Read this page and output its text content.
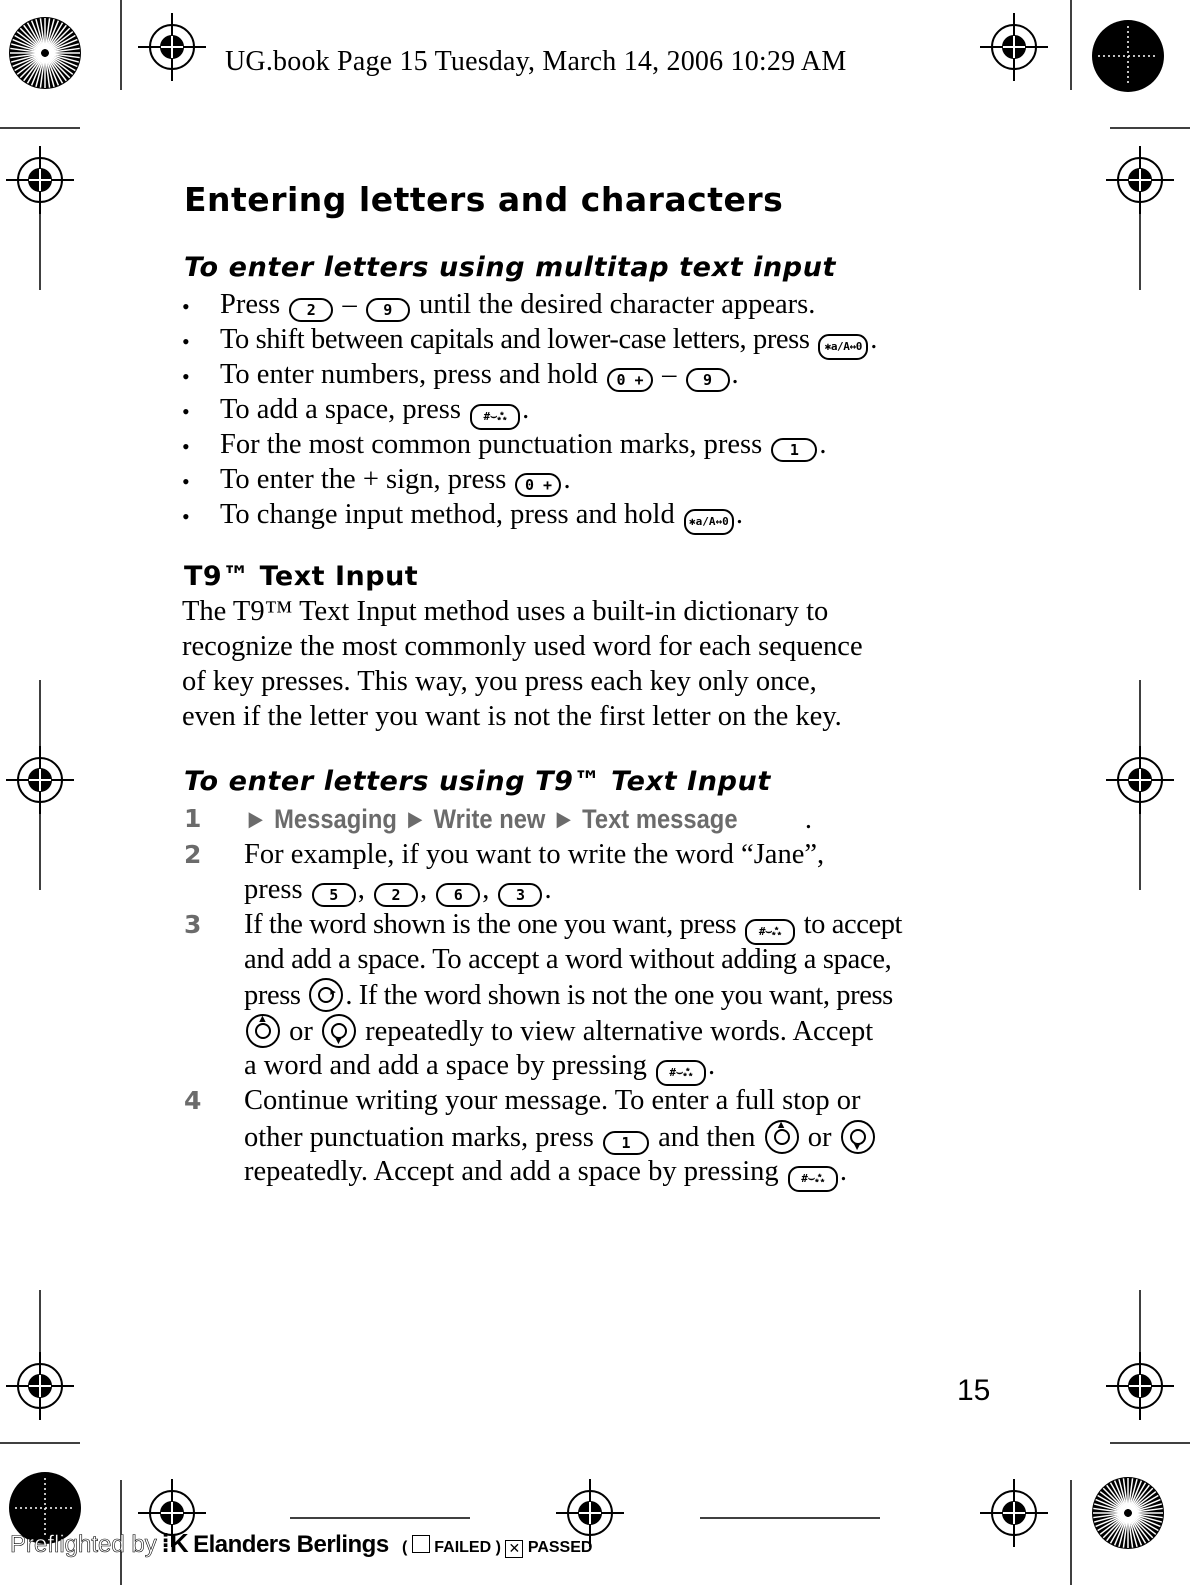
UG.book Page 15 Tuesday, March 14, 2006 10:29 AM
Entering letters and characters
To enter letters using multitap text input
• Press 2 – 9 until the desired character appears.
• To shift between capitals and lower-case letters, press ✱a/A↔0 .
• To enter numbers, press and hold 0 + – 9 .
• To add a space, press #⌣⁂ .
• For the most common punctuation marks, press 1 .
• To enter the + sign, press 0 + .
• To change input method, press and hold ✱a/A↔0 .
T9™ Text Input
The T9™ Text Input method uses a built-in dictionary to
recognize the most commonly used word for each sequence
of key presses. This way, you press each key only once,
even if the letter you want is not the first letter on the key.
To enter letters using T9™ Text Input
1 ► Messaging ► Write new ► Text message .
2 For example, if you want to write the word “Jane”,
press 5 , 2 , 6 , 3 .
3 If the word shown is the one you want, press #⌣⁂ to accept
and add a space. To accept a word without adding a space,
press ▸ . If the word shown is not the one you want, press
▲ or ▼ repeatedly to view alternative words. Accept
a word and add a space by pressing #⌣⁂ .
4 Continue writing your message. To enter a full stop or
other punctuation marks, press 1 and then ▲ or ▼
repeatedly. Accept and add a space by pressing #⌣⁂ .
15
Preflighted by ⁞K Elanders Berlings ( FAILED ) ✕ PASSED
